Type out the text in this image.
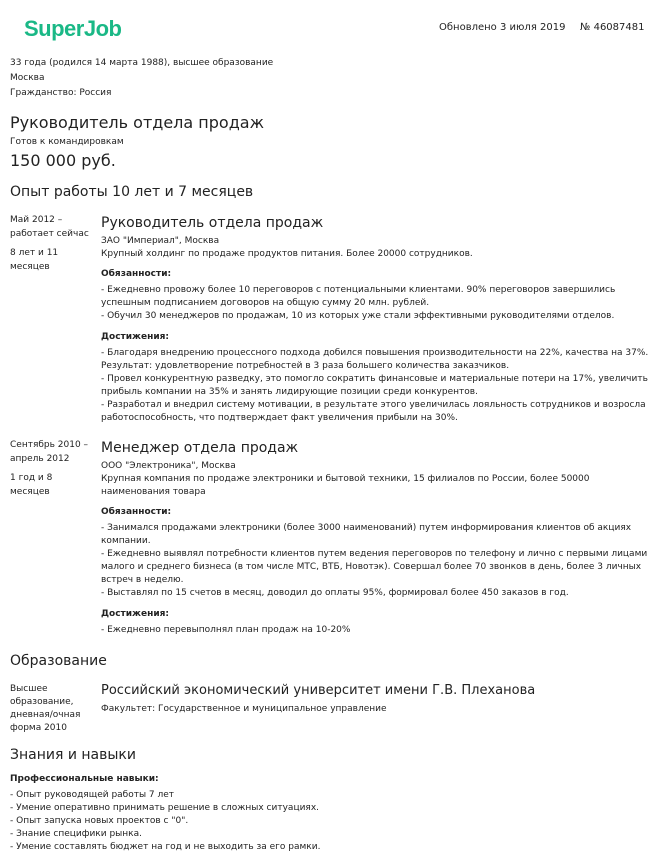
SuperJob	Обновлено 3 июля 2019 № 46087481
33 года (родился 14 марта 1988), высшее образование
Москва
Гражданство: Россия
Руководитель отдела продаж
Готов к командировкам
150 000 руб.
Опыт работы 10 лет и 7 месяцев

Май 2012 – работает сейчас

8 лет и 11 месяцев

Руководитель отдела продаж
ЗАО "Империал", Москва
Крупный холдинг по продаже продуктов питания. Более 20000 сотрудников.
Обязанности:
- Ежедневно провожу более 10 переговоров с потенциальными клиентами. 90% переговоров завершились успешным подписанием договоров на общую сумму 20 млн. рублей.
- Обучил 30 менеджеров по продажам, 10 из которых уже стали эффективными руководителями отделов.
Достижения:
- Благодаря внедрению процессного подхода добился повышения производительности на 22%, качества на 37%. Результат: удовлетворение потребностей в 3 раза большего количества заказчиков.
- Провел конкурентную разведку, это помогло сократить финансовые и материальные потери на 17%, увеличить прибыль компании на 35% и занять лидирующие позиции среди конкурентов.
- Разработал и внедрил систему мотивации, в результате этого увеличилась лояльность сотрудников и возросла работоспособность, что подтверждает факт увеличения прибыли на 30%.

Сентябрь 2010 – апрель 2012

1 год и 8 месяцев

Менеджер отдела продаж
ООО "Электроника", Москва
Крупная компания по продаже электроники и бытовой техники, 15 филиалов по России, более 50000 наименования товара
Обязанности:
- Занимался продажами электроники (более 3000 наименований) путем информирования клиентов об акциях компании.
- Ежедневно выявлял потребности клиентов путем ведения переговоров по телефону и лично с первыми лицами малого и среднего бизнеса (в том числе МТС, ВТБ, Новотэк). Совершал более 70 звонков в день, более 3 личных встреч в неделю.
- Выставлял по 15 счетов в месяц, доводил до оплаты 95%, формировал более 450 заказов в год.
Достижения:
- Ежедневно перевыполнял план продаж на 10-20%
Образование
Высшее образование, дневная/очная форма 2010
Российский экономический университет имени Г.В. Плеханова
Факультет: Государственное и муниципальное управление
Знания и навыки
Профессиональные навыки:
- Опыт руководящей работы 7 лет
- Умение оперативно принимать решение в сложных ситуациях.
- Опыт запуска новых проектов с "0".
- Знание специфики рынка.
- Умение составлять бюджет на год и не выходить за его рамки.
